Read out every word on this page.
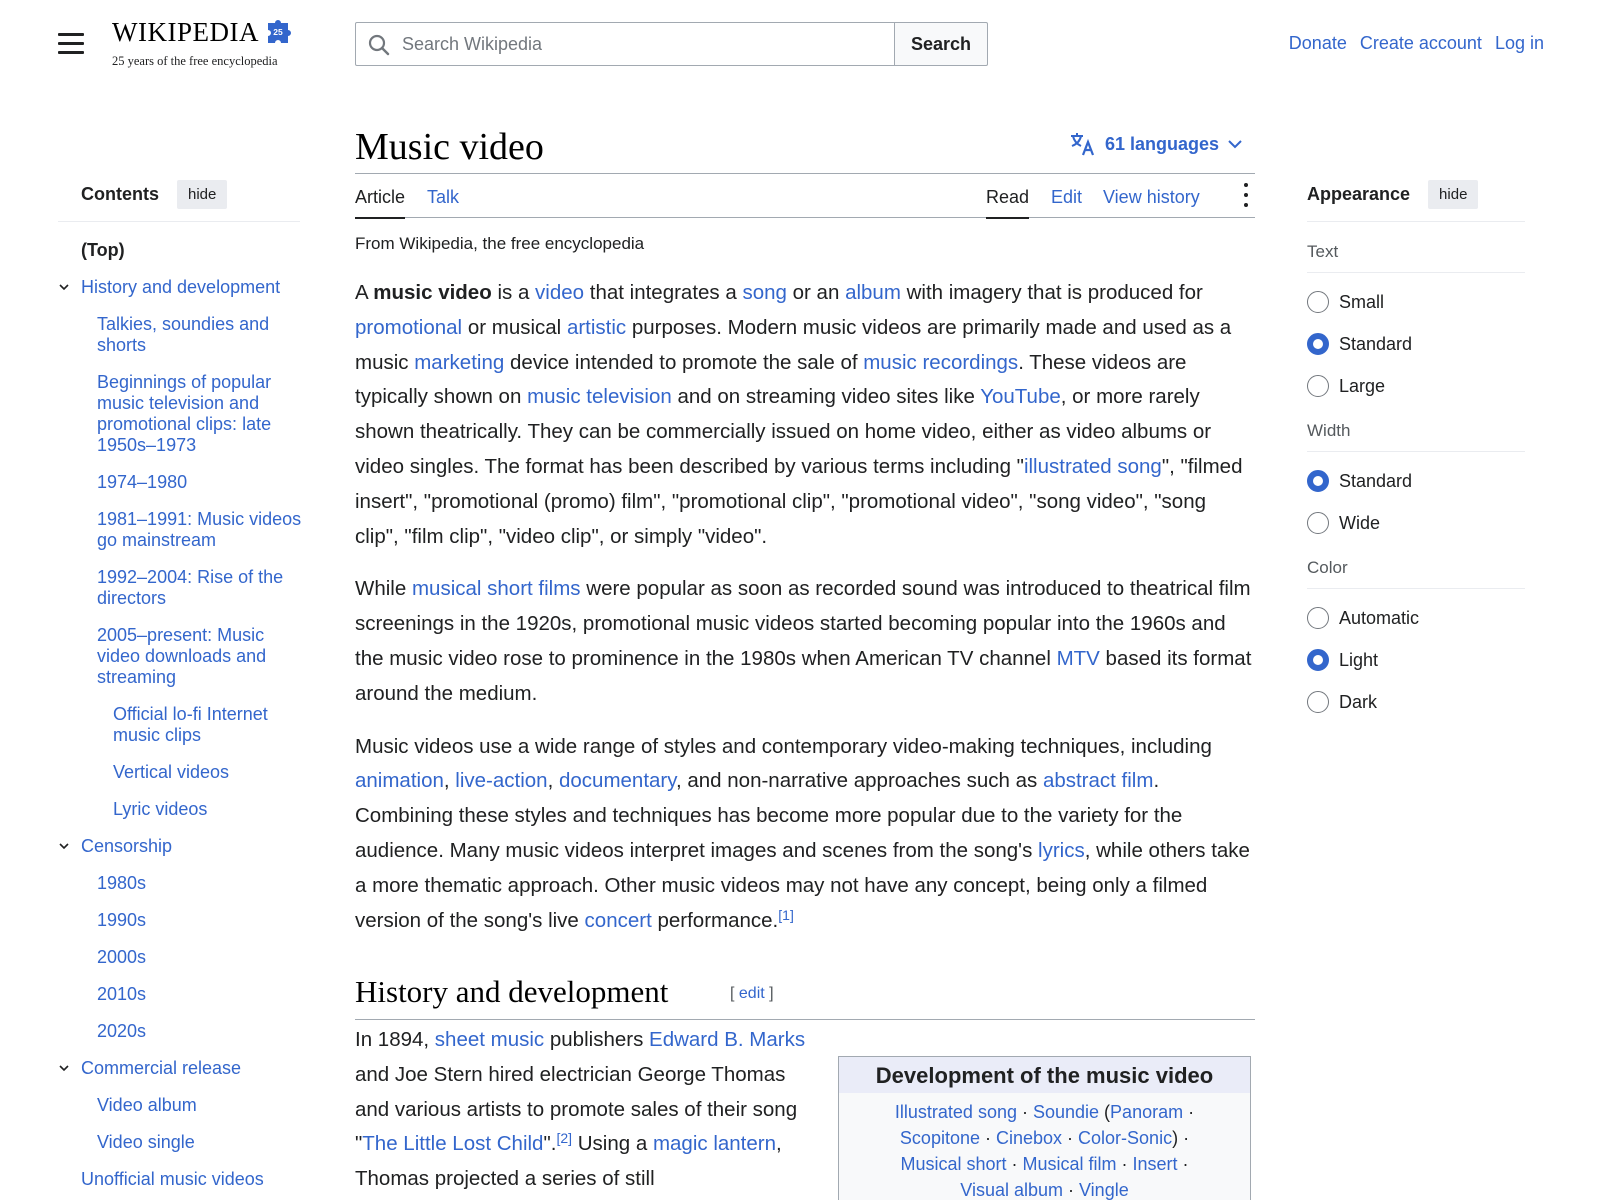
WIKIPEDIA 25
25 years of the free encyclopedia
Search Wikipedia
Search	Donate Create account Log in
Contents	hide
(Top)
History and development
Talkies, soundies and shorts
Beginnings of popular music television and promotional clips: late 1950s–1973
1974–1980
1981–1991: Music videos go mainstream
1992–2004: Rise of the directors
2005–present: Music video downloads and streaming
Official lo-fi Internet music clips
Vertical videos
Lyric videos
Censorship
1980s
1990s
2000s
2010s
2020s
Commercial release
Video album
Video single
Unofficial music videos
Music video	61 languages
Article Talk	Read Edit View history
From Wikipedia, the free encyclopedia

A music video is a video that integrates a song or an album with imagery that is produced for promotional or musical artistic purposes. Modern music videos are primarily made and used as a music marketing device intended to promote the sale of music recordings. These videos are typically shown on music television and on streaming video sites like YouTube, or more rarely shown theatrically. They can be commercially issued on home video, either as video albums or video singles. The format has been described by various terms including "illustrated song", "filmed insert", "promotional (promo) film", "promotional clip", "promotional video", "song video", "song clip", "film clip", "video clip", or simply "video".

While musical short films were popular as soon as recorded sound was introduced to theatrical film screenings in the 1920s, promotional music videos started becoming popular into the 1960s and the music video rose to prominence in the 1980s when American TV channel MTV based its format around the medium.

Music videos use a wide range of styles and contemporary video-making techniques, including animation, live-action, documentary, and non-narrative approaches such as abstract film. Combining these styles and techniques has become more popular due to the variety for the audience. Many music videos interpret images and scenes from the song's lyrics, while others take a more thematic approach. Other music videos may not have any concept, being only a filmed version of the song's live concert performance.[1]

History and development	[ edit ]

In 1894, sheet music publishers Edward B. Marks and Joe Stern hired electrician George Thomas and various artists to promote sales of their song "The Little Lost Child".[2] Using a magic lantern, Thomas projected a series of still

Development of the music video
Illustrated song · Soundie (Panoram ·
Scopitone · Cinebox · Color-Sonic) ·
Musical short · Musical film · Insert ·
Visual album · Vingle
Appearance	hide
Text
Small
Standard
Large
Width
Standard
Wide
Color
Automatic
Light
Dark
